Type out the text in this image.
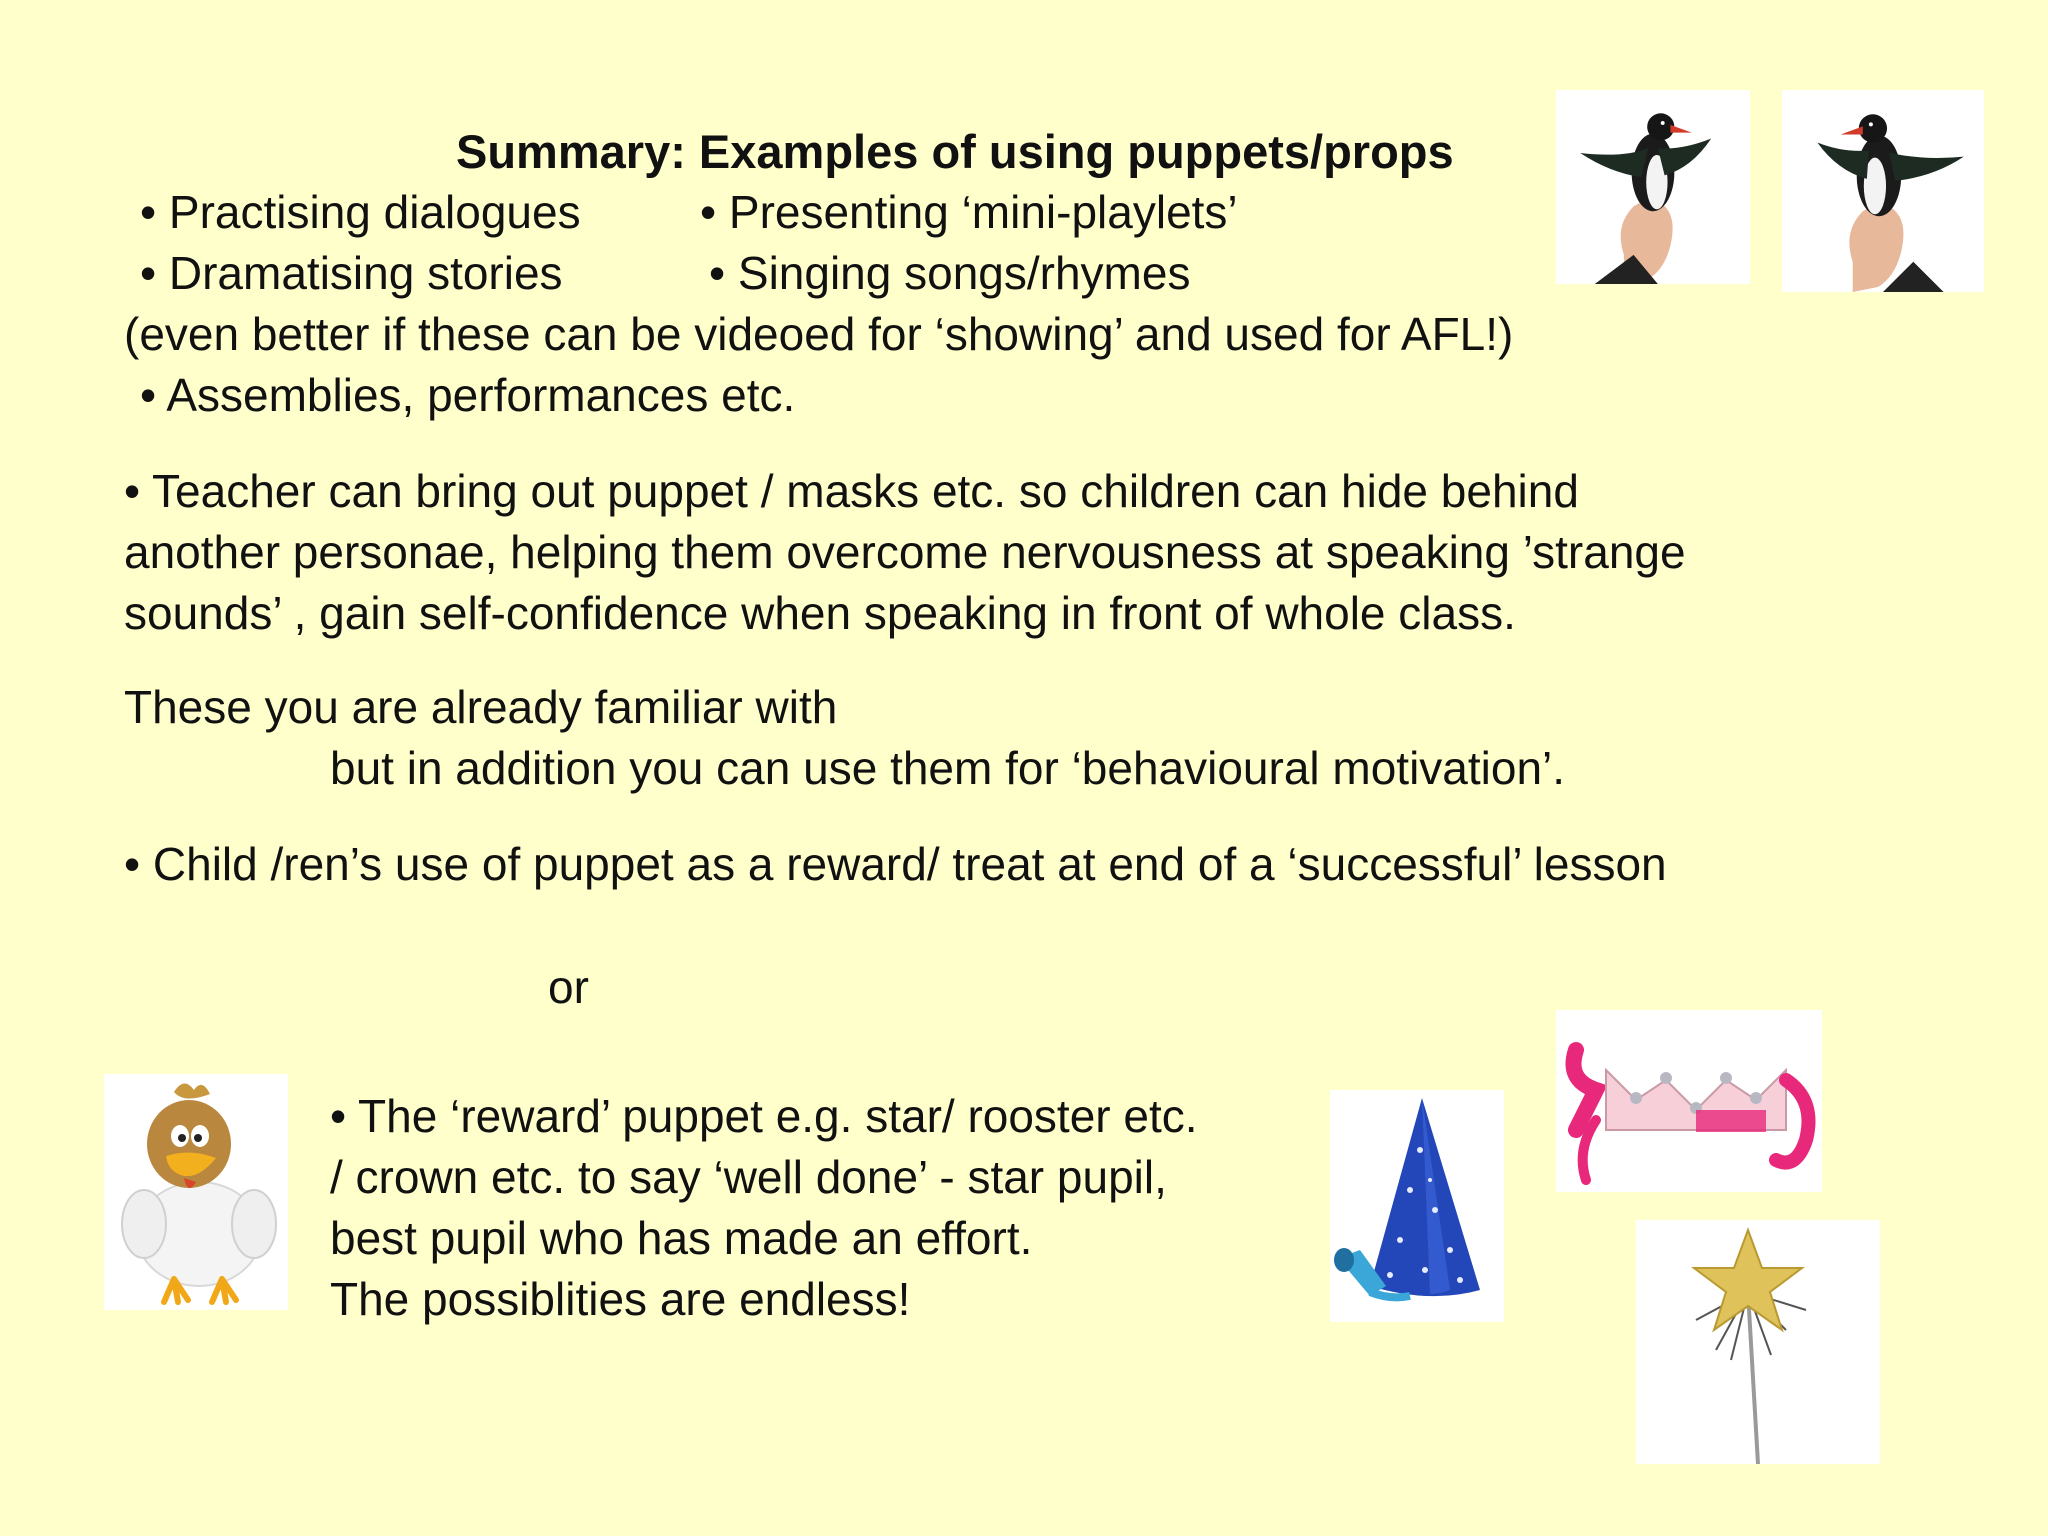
Summary: Examples of using puppets/props
• Practising dialogues	• Presenting ‘mini-playlets’
• Dramatising stories	• Singing songs/rhymes
(even better if these can be videoed for ‘showing’ and used for AFL!)
• Assemblies, performances etc.
• Teacher can bring out puppet / masks etc. so children can hide behind
another personae, helping them overcome nervousness at speaking ’strange
sounds’ , gain self-confidence when speaking in front of whole class.
These you are already familiar with
but in addition you can use them for ‘behavioural motivation’.
• Child /ren’s use of puppet as a reward/ treat at end of a ‘successful’ lesson
or
• The ‘reward’ puppet e.g. star/ rooster etc.
/ crown etc. to say ‘well done’ - star pupil,
best pupil who has made an effort.
The possiblities are endless!
